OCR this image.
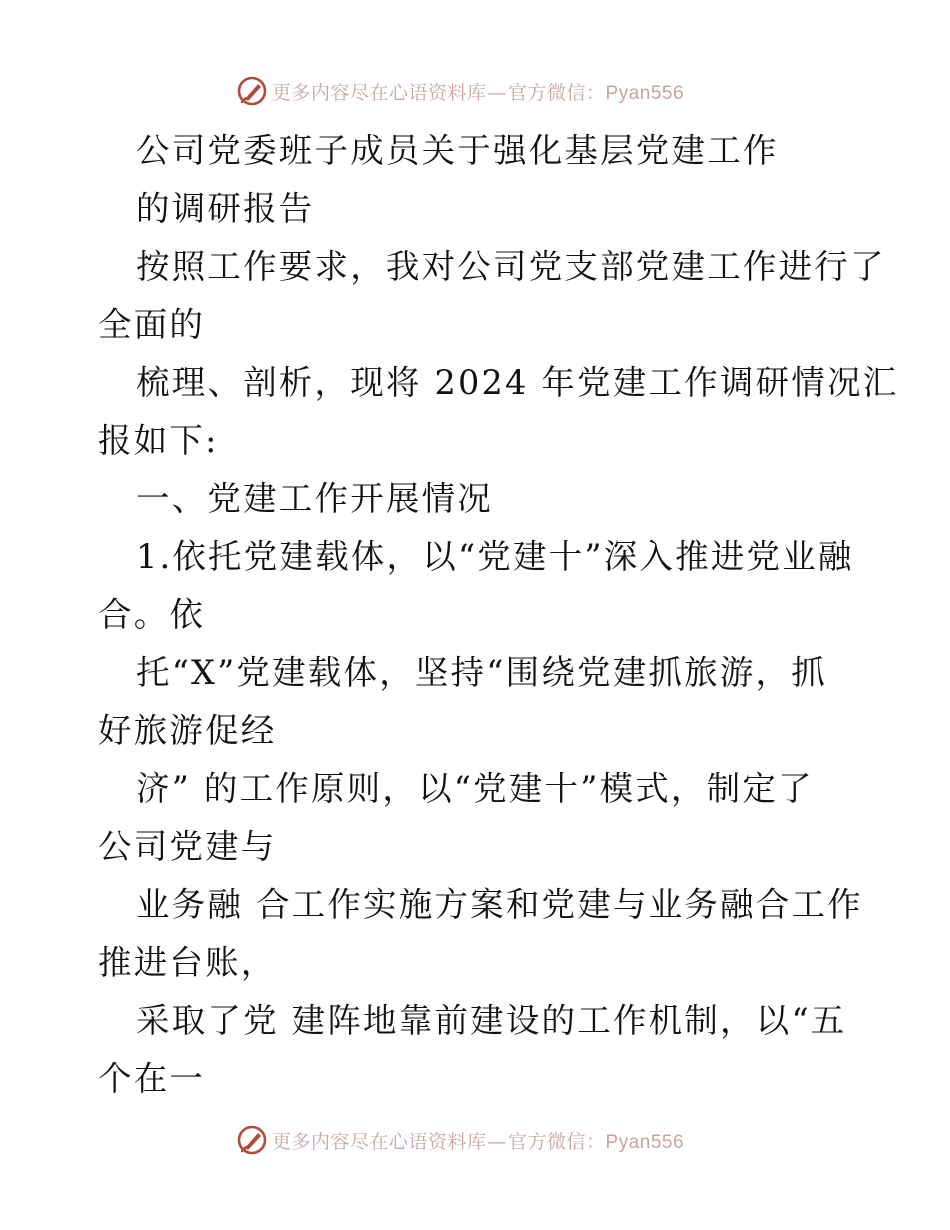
更多内容尽在心语资料库—官方微信：Pyan556
公司党委班子成员关于强化基层党建工作
的调研报告
按照工作要求，我对公司党支部党建工作进行了
全面的
梳理、剖析，现将 2024 年党建工作调研情况汇
报如下:
一、党建工作开展情况
1.依托党建载体，以“党建十”深入推进党业融
合。依
托“X”党建载体，坚持“围绕党建抓旅游，抓
好旅游促经
济” 的工作原则，以“党建十”模式，制定了
公司党建与
业务融 合工作实施方案和党建与业务融合工作
推进台账，
采取了党 建阵地靠前建设的工作机制，以“五
个在一
更多内容尽在心语资料库—官方微信：Pyan556
